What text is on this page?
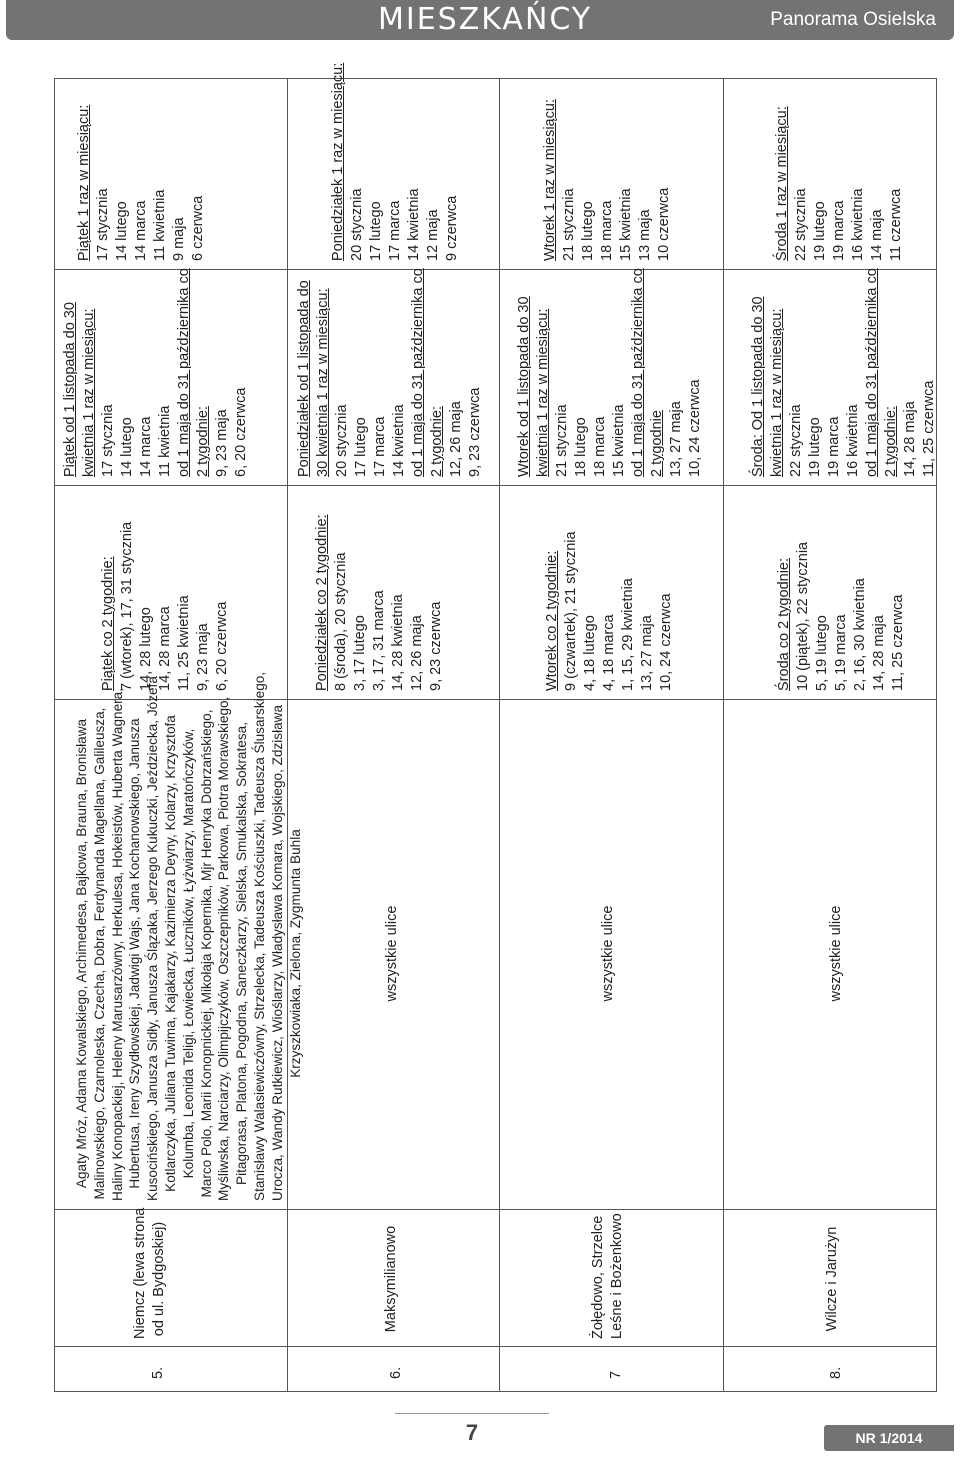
MIESZKAŃCY	Panorama Osielska
5.
Niemcz (lewa strona
od ul. Bydgoskiej)
Agaty Mróz, Adama Kowalskiego, Archimedesa, Bajkowa, Brauna, Bronisława
Malinowskiego, Czarnoleska, Czecha, Dobra, Ferdynanda Magellana, Galileusza,
Haliny Konopackiej, Heleny Marusarzówny, Herkulesa, Hokeistów, Huberta Wagnera,
Hubertusa, Ireny Szydłowskiej, Jadwigi Wajs, Jana Kochanowskiego, Janusza
Kusocińskiego, Janusza Sidły, Janusza Ślązaka, Jerzego Kukuczki, Jeździecka, Józefa
Kotlarczyka, Juliana Tuwima, Kajakarzy, Kazimierza Deyny, Kolarzy, Krzysztofa
Kolumba, Leonida Teligi, Łowiecka, Łuczników, Łyżwiarzy, Maratończyków,
Marco Polo, Marii Konopnickiej, Mikołaja Kopernika, Mjr Henryka Dobrzańskiego,
Myśliwska, Narciarzy, Olimpijczyków, Oszczepników, Parkowa, Piotra Morawskiego,
Pitagorasa, Platona, Pogodna, Saneczkarzy, Sielska, Smukalska, Sokratesa,
Stanisławy Walasiewiczówny, Strzelecka, Tadeusza Kościuszki, Tadeusza Ślusarskiego,
Urocza, Wandy Rutkiewicz, Wioślarzy, Władysława Komara, Wojskiego, Zdzisława
Krzyszkowiaka, Zielona, Zygmunta Buhla
Piątek co 2 tygodnie: 7 (wtorek), 17, 31 stycznia
14, 28 lutego
14, 28 marca
11, 25 kwietnia
9, 23 maja
6, 20 czerwca
Piątek od 1 listopada do 30
kwietnia 1 raz w miesiącu:
17 stycznia
14 lutego
14 marca
11 kwietnia
od 1 maja do 31 października co
2 tygodnie:
9, 23 maja
6, 20 czerwca
Piątek 1 raz w miesiącu: 17 stycznia
14 lutego
14 marca
11 kwietnia
9 maja
6 czerwca
6.
Maksymilianowo
wszystkie ulice
Poniedziałek co 2 tygodnie: 8 (środa), 20 stycznia
3, 17 lutego
3, 17, 31 marca
14, 28 kwietnia
12, 26 maja
9, 23 czerwca
Poniedziałek od 1 listopada do
30 kwietnia 1 raz w miesiącu:
20 stycznia
17 lutego
17 marca
14 kwietnia
od 1 maja do 31 października co
2 tygodnie:
12, 26 maja
9, 23 czerwca
Poniedziałek 1 raz w miesiącu: 20 stycznia
17 lutego
17 marca
14 kwietnia
12 maja
9 czerwca
7
Żołędowo, Strzelce
Leśne i Bożenkowo
wszystkie ulice
Wtorek co 2 tygodnie: 9 (czwartek), 21 stycznia
4, 18 lutego
4, 18 marca
1, 15, 29 kwietnia
13, 27 maja
10, 24 czerwca
Wtorek od 1 listopada do 30
kwietnia 1 raz w miesiącu:
21 stycznia
18 lutego
18 marca
15 kwietnia
od 1 maja do 31 października co
2 tygodnie
13, 27 maja
10, 24 czerwca
Wtorek 1 raz w miesiącu: 21 stycznia
18 lutego
18 marca
15 kwietnia
13 maja
10 czerwca
8.
Wilcze i Jarużyn
wszystkie ulice
Środa co 2 tygodnie: 10 (piątek), 22 stycznia
5, 19 lutego
5, 19 marca
2, 16, 30 kwietnia
14, 28 maja
11, 25 czerwca
Środa: Od 1 listopada do 30
kwietnia 1 raz w miesiącu:
22 stycznia
19 lutego
19 marca
16 kwietnia
od 1 maja do 31 października co
2 tygodnie:
14, 28 maja
11, 25 czerwca
Środa 1 raz w miesiącu: 22 stycznia
19 lutego
19 marca
16 kwietnia
14 maja
11 czerwca
7	NR 1/2014
